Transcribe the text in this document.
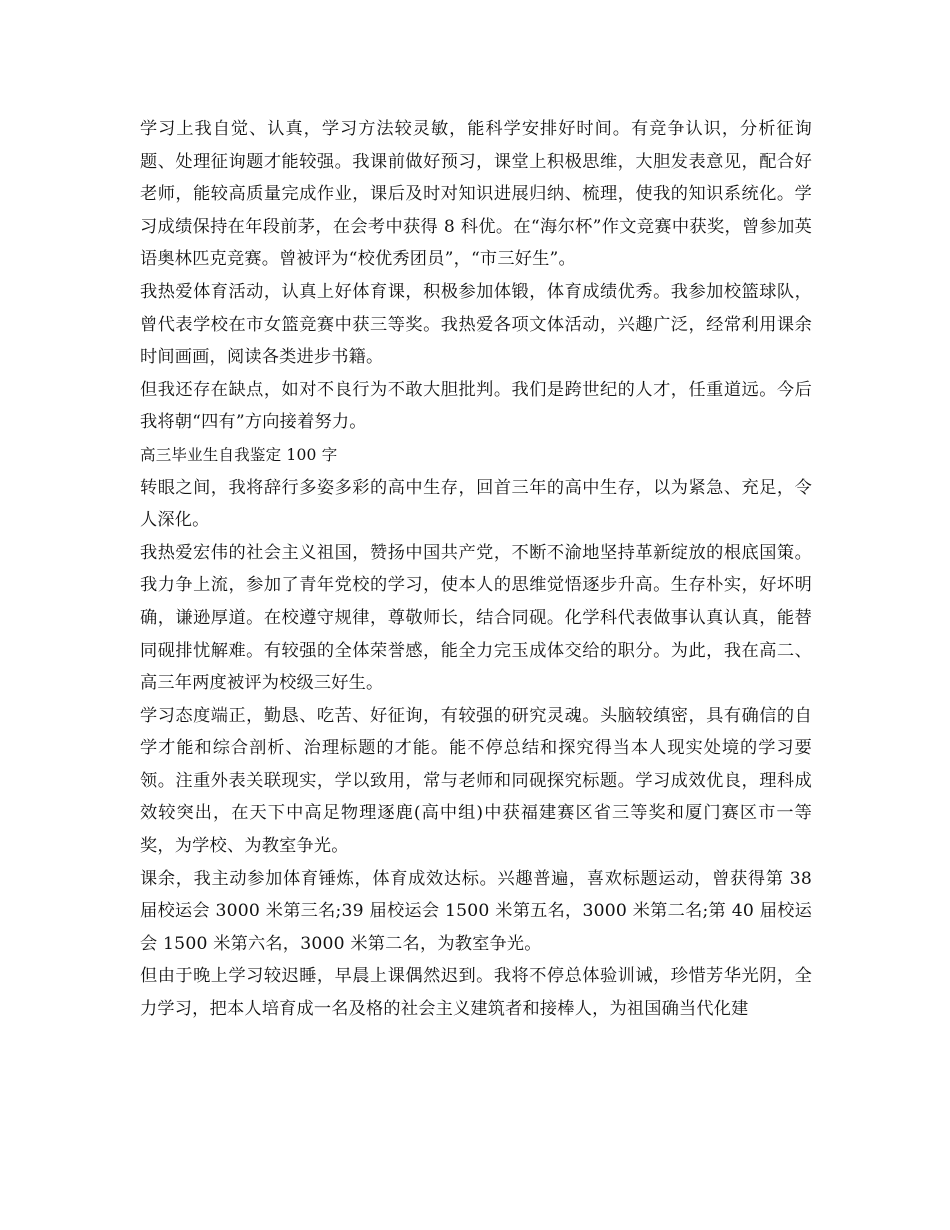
学习上我自觉、认真，学习方法较灵敏，能科学安排好时间。有竞争认识，分析征询题、处理征询题才能较强。我课前做好预习，课堂上积极思维，大胆发表意见，配合好老师，能较高质量完成作业，课后及时对知识进展归纳、梳理，使我的知识系统化。学习成绩保持在年段前茅，在会考中获得 8 科优。在“海尔杯”作文竞赛中获奖，曾参加英语奥林匹克竞赛。曾被评为“校优秀团员”，“市三好生”。

我热爱体育活动，认真上好体育课，积极参加体锻，体育成绩优秀。我参加校篮球队，曾代表学校在市女篮竞赛中获三等奖。我热爱各项文体活动，兴趣广泛，经常利用课余时间画画，阅读各类进步书籍。

但我还存在缺点，如对不良行为不敢大胆批判。我们是跨世纪的人才，任重道远。今后我将朝“四有”方向接着努力。

高三毕业生自我鉴定 100 字

转眼之间，我将辞行多姿多彩的高中生存，回首三年的高中生存，以为紧急、充足，令人深化。

我热爱宏伟的社会主义祖国，赞扬中国共产党，不断不渝地坚持革新绽放的根底国策。我力争上流，参加了青年党校的学习，使本人的思维觉悟逐步升高。生存朴实，好坏明确，谦逊厚道。在校遵守规律，尊敬师长，结合同砚。化学科代表做事认真认真，能替同砚排忧解难。有较强的全体荣誉感，能全力完玉成体交给的职分。为此，我在高二、高三年两度被评为校级三好生。

学习态度端正，勤恳、吃苦、好征询，有较强的研究灵魂。头脑较缜密，具有确信的自学才能和综合剖析、治理标题的才能。能不停总结和探究得当本人现实处境的学习要领。注重外表关联现实，学以致用，常与老师和同砚探究标题。学习成效优良，理科成效较突出，在天下中高足物理逐鹿(高中组)中获福建赛区省三等奖和厦门赛区市一等奖，为学校、为教室争光。

课余，我主动参加体育锤炼，体育成效达标。兴趣普遍，喜欢标题运动，曾获得第 38 届校运会 3000 米第三名;39 届校运会 1500 米第五名，3000 米第二名;第 40 届校运会 1500 米第六名，3000 米第二名，为教室争光。

但由于晚上学习较迟睡，早晨上课偶然迟到。我将不停总体验训诫，珍惜芳华光阴，全力学习，把本人培育成一名及格的社会主义建筑者和接棒人，为祖国确当代化建
